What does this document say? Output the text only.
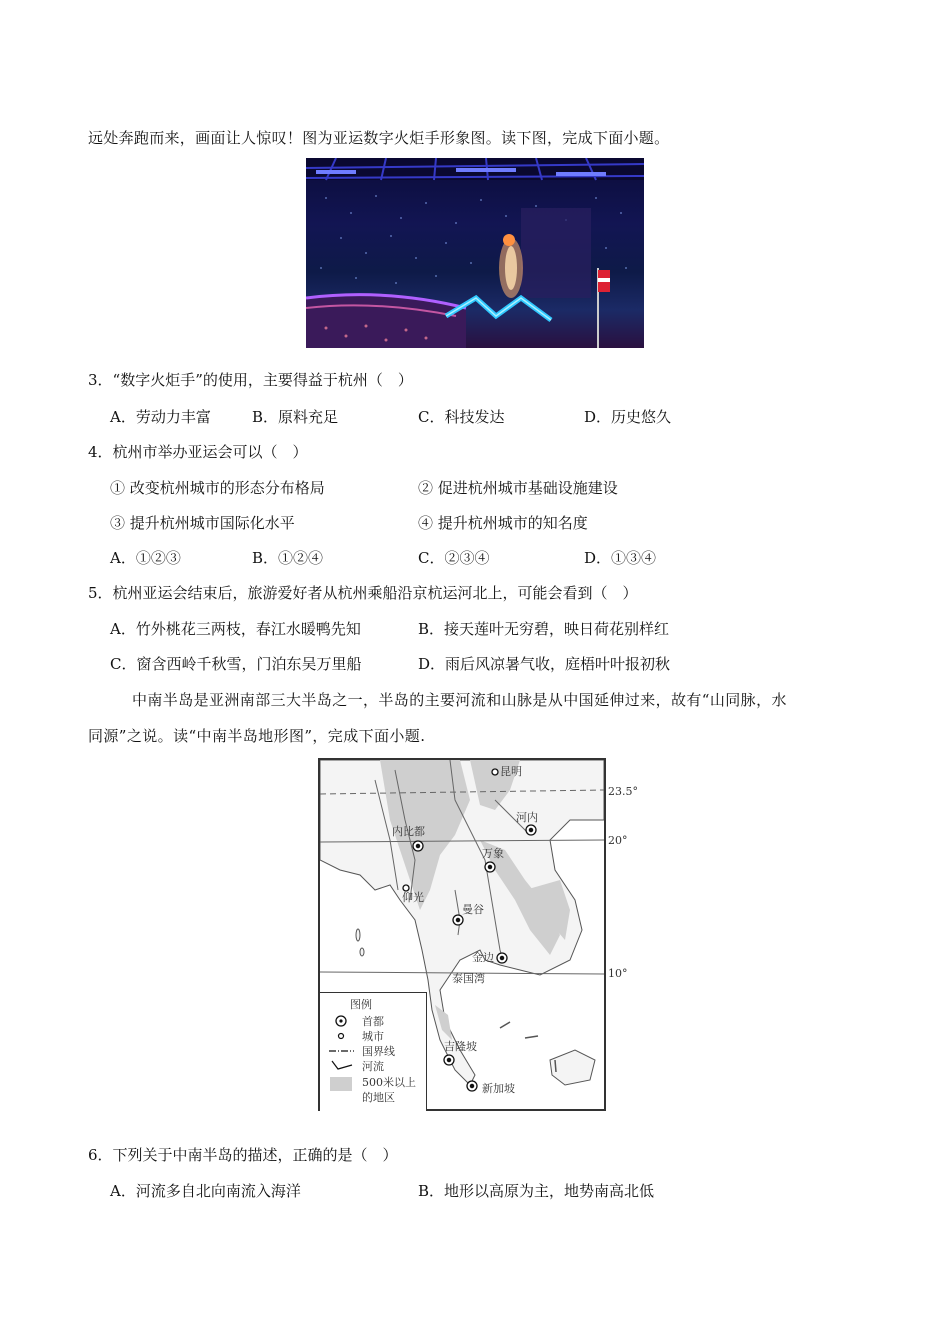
远处奔跑而来，画面让人惊叹！图为亚运数字火炬手形象图。读下图，完成下面小题。
3．“数字火炬手”的使用，主要得益于杭州（　）
A．劳动力丰富	B．原料充足	C．科技发达	D．历史悠久
4．杭州市举办亚运会可以（　）
① 改变杭州城市的形态分布格局	② 促进杭州城市基础设施建设
③ 提升杭州城市国际化水平	④ 提升杭州城市的知名度
A．①②③	B．①②④	C．②③④	D．①③④
5．杭州亚运会结束后，旅游爱好者从杭州乘船沿京杭运河北上，可能会看到（　）
A．竹外桃花三两枝，春江水暖鸭先知	B．接天莲叶无穷碧，映日荷花别样红
C．窗含西岭千秋雪，门泊东吴万里船	D．雨后风凉暑气收，庭梧叶叶报初秋
中南半岛是亚洲南部三大半岛之一，半岛的主要河流和山脉是从中国延伸过来，故有“山同脉，水
同源”之说。读“中南半岛地形图”，完成下面小题.
昆明
河内
内比都
万象
仰光
曼谷
金边
泰国湾
吉隆坡
新加坡
23.5°
20°
10°
图例
首都
城市
国界线
河流
500米以上
的地区
6．下列关于中南半岛的描述，正确的是（　）
A．河流多自北向南流入海洋	B．地形以高原为主，地势南高北低
